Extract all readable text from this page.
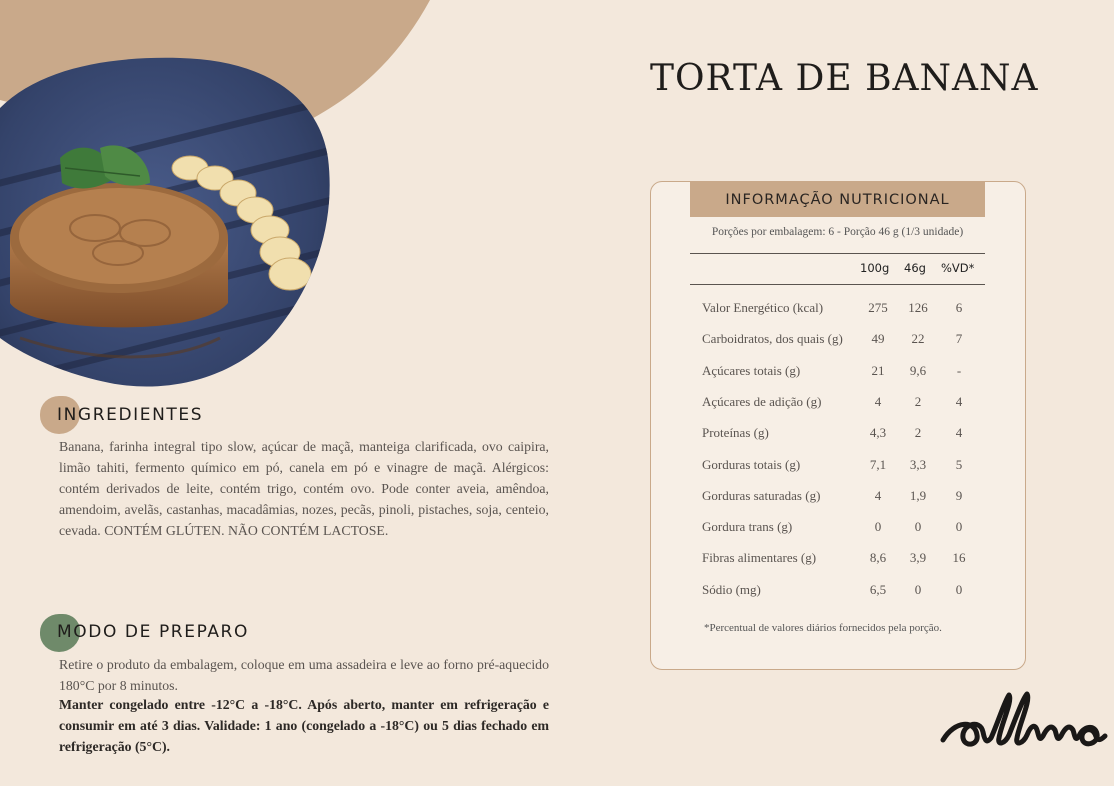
TORTA DE BANANA
INGREDIENTES

Banana, farinha integral tipo slow, açúcar de maçã, manteiga clarificada, ovo caipira, limão tahiti, fermento químico em pó, canela em pó e vinagre de maçã. Alérgicos: contém derivados de leite, contém trigo, contém ovo. Pode conter aveia, amêndoa, amendoim, avelãs, castanhas, macadâmias, nozes, pecãs, pinoli, pistaches, soja, centeio, cevada. CONTÉM GLÚTEN. NÃO CONTÉM LACTOSE.

MODO DE PREPARO

Retire o produto da embalagem, coloque em uma assadeira e leve ao forno pré-aquecido 180°C por 8 minutos.

Manter congelado entre -12°C a -18°C. Após aberto, manter em refrigeração e consumir em até 3 dias. Validade: 1 ano (congelado a -18°C) ou 5 dias fechado em refrigeração (5°C).

INFORMAÇÃO NUTRICIONAL
Porções por embalagem: 6 - Porção 46 g (1/3 unidade)
100g 46g %VD*
Valor Energético (kcal)	275	126	6
Carboidratos, dos quais (g)	49	22	7
Açúcares totais (g)	21	9,6	-
Açúcares de adição (g)	4	2	4
Proteínas (g)	4,3	2	4
Gorduras totais (g)	7,1	3,3	5
Gorduras saturadas (g)	4	1,9	9
Gordura trans (g)	0	0	0
Fibras alimentares (g)	8,6	3,9	16
Sódio (mg)	6,5	0	0
*Percentual de valores diários fornecidos pela porção.
